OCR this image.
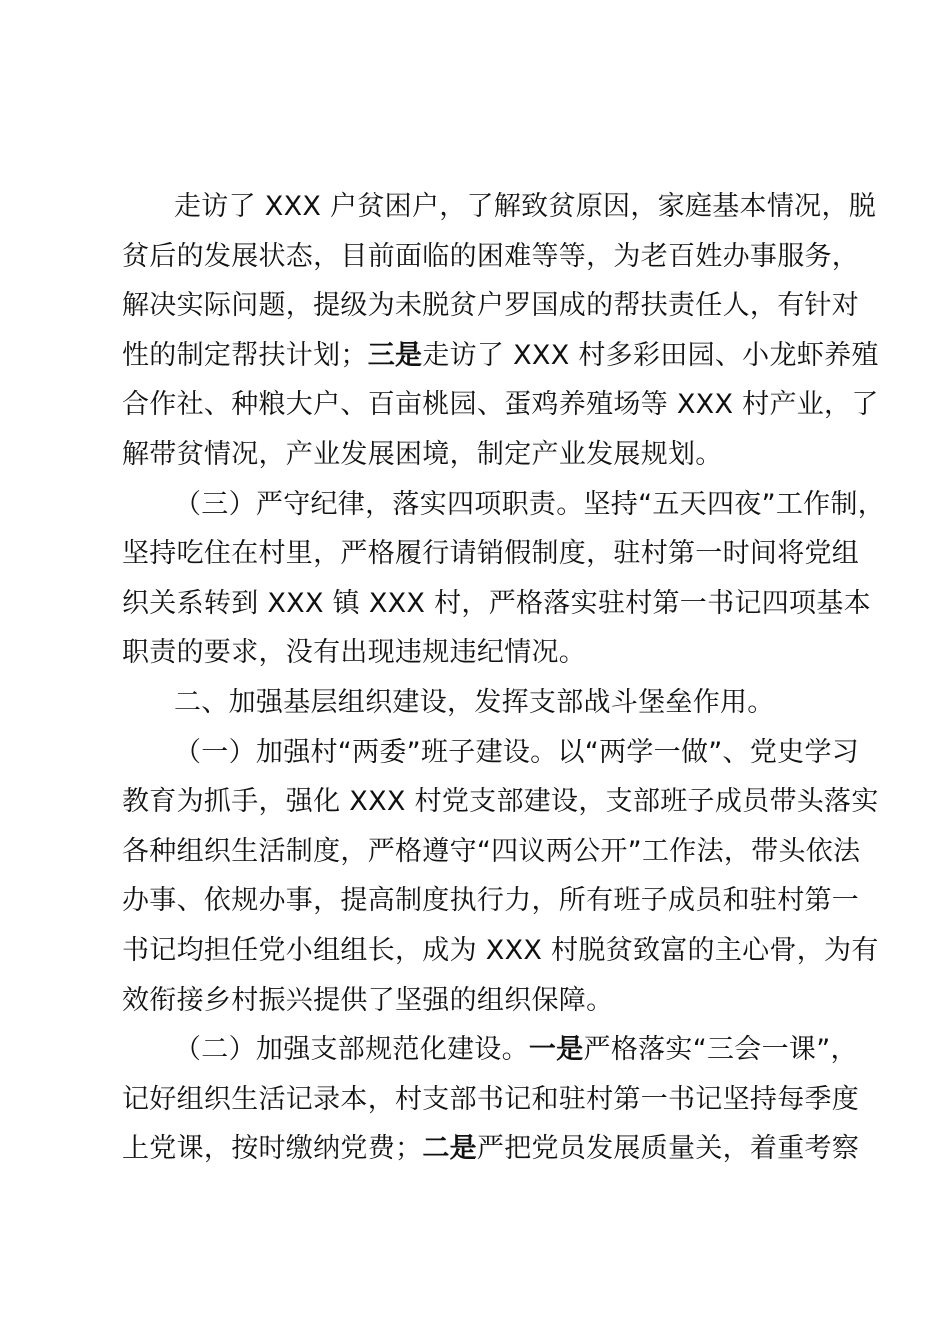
走访了 XXX 户贫困户，了解致贫原因，家庭基本情况，脱
贫后的发展状态，目前面临的困难等等，为老百姓办事服务，
解决实际问题，提级为未脱贫户罗国成的帮扶责任人，有针对
性的制定帮扶计划；三是走访了 XXX 村多彩田园、小龙虾养殖
合作社、种粮大户、百亩桃园、蛋鸡养殖场等 XXX 村产业，了
解带贫情况，产业发展困境，制定产业发展规划。
（三）严守纪律，落实四项职责。坚持“五天四夜”工作制，
坚持吃住在村里，严格履行请销假制度，驻村第一时间将党组
织关系转到 XXX 镇 XXX 村，严格落实驻村第一书记四项基本
职责的要求，没有出现违规违纪情况。
二、加强基层组织建设，发挥支部战斗堡垒作用。
（一）加强村“两委”班子建设。以“两学一做”、党史学习
教育为抓手，强化 XXX 村党支部建设，支部班子成员带头落实
各种组织生活制度，严格遵守“四议两公开”工作法，带头依法
办事、依规办事，提高制度执行力，所有班子成员和驻村第一
书记均担任党小组组长，成为 XXX 村脱贫致富的主心骨，为有
效衔接乡村振兴提供了坚强的组织保障。
（二）加强支部规范化建设。一是严格落实“三会一课”，
记好组织生活记录本，村支部书记和驻村第一书记坚持每季度
上党课，按时缴纳党费；二是严把党员发展质量关，着重考察
